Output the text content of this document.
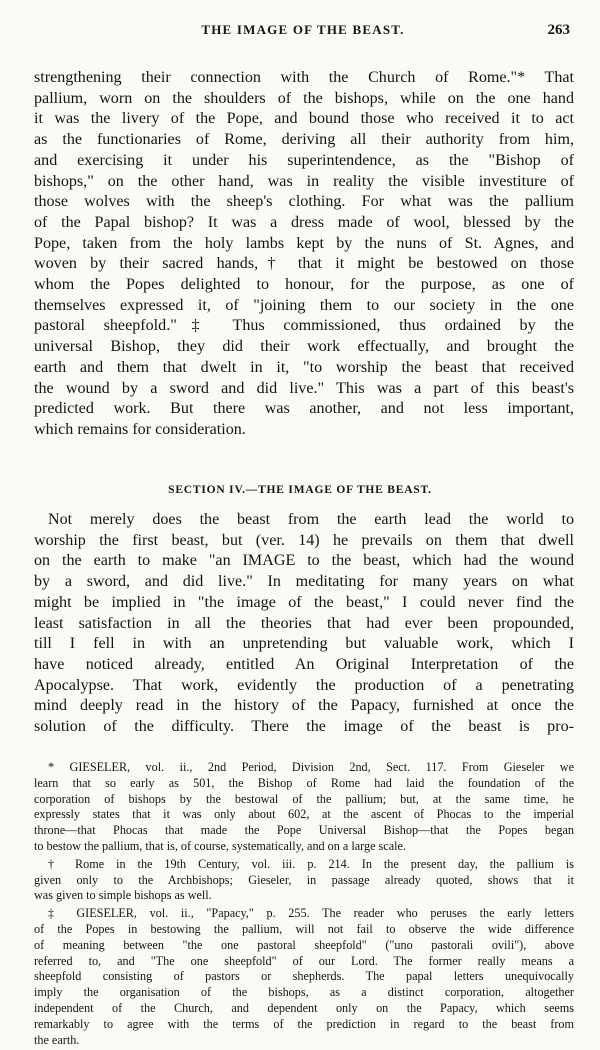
THE IMAGE OF THE BEAST.	263
strengthening their connection with the Church of Rome."* That
pallium, worn on the shoulders of the bishops, while on the one hand
it was the livery of the Pope, and bound those who received it to act
as the functionaries of Rome, deriving all their authority from him,
and exercising it under his superintendence, as the "Bishop of
bishops," on the other hand, was in reality the visible investiture of
those wolves with the sheep's clothing. For what was the pallium
of the Papal bishop? It was a dress made of wool, blessed by the
Pope, taken from the holy lambs kept by the nuns of St. Agnes, and
woven by their sacred hands,† that it might be bestowed on those
whom the Popes delighted to honour, for the purpose, as one of
themselves expressed it, of "joining them to our society in the one
pastoral sheepfold."‡ Thus commissioned, thus ordained by the
universal Bishop, they did their work effectually, and brought the
earth and them that dwelt in it, "to worship the beast that received
the wound by a sword and did live." This was a part of this beast's
predicted work. But there was another, and not less important,
which remains for consideration.
SECTION IV.—THE IMAGE OF THE BEAST.
Not merely does the beast from the earth lead the world to
worship the first beast, but (ver. 14) he prevails on them that dwell
on the earth to make "an IMAGE to the beast, which had the wound
by a sword, and did live." In meditating for many years on what
might be implied in "the image of the beast," I could never find the
least satisfaction in all the theories that had ever been propounded,
till I fell in with an unpretending but valuable work, which I
have noticed already, entitled An Original Interpretation of the
Apocalypse. That work, evidently the production of a penetrating
mind deeply read in the history of the Papacy, furnished at once the
solution of the difficulty. There the image of the beast is pro-
* GIESELER, vol. ii., 2nd Period, Division 2nd, Sect. 117. From Gieseler we
learn that so early as 501, the Bishop of Rome had laid the foundation of the
corporation of bishops by the bestowal of the pallium; but, at the same time, he
expressly states that it was only about 602, at the ascent of Phocas to the imperial
throne—that Phocas that made the Pope Universal Bishop—that the Popes began
to bestow the pallium, that is, of course, systematically, and on a large scale.
† Rome in the 19th Century, vol. iii. p. 214. In the present day, the pallium is
given only to the Archbishops; Gieseler, in passage already quoted, shows that it
was given to simple bishops as well.
‡ GIESELER, vol. ii., "Papacy," p. 255. The reader who peruses the early letters
of the Popes in bestowing the pallium, will not fail to observe the wide difference
of meaning between "the one pastoral sheepfold" ("uno pastorali ovili"), above
referred to, and "The one sheepfold" of our Lord. The former really means a
sheepfold consisting of pastors or shepherds. The papal letters unequivocally
imply the organisation of the bishops, as a distinct corporation, altogether
independent of the Church, and dependent only on the Papacy, which seems
remarkably to agree with the terms of the prediction in regard to the beast from
the earth.
